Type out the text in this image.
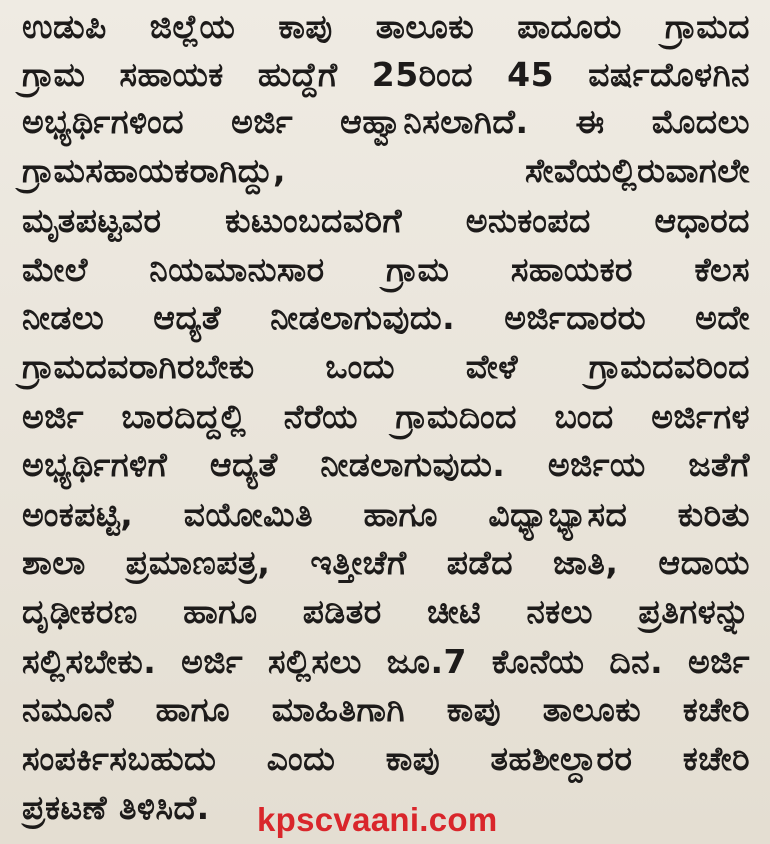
ಉಡುಪಿ ಜಿಲ್ಲೆಯ ಕಾಪು ತಾಲೂಕು ಪಾದೂರು ಗ್ರಾಮದ
ಗ್ರಾಮ ಸಹಾಯಕ ಹುದ್ದೆಗೆ 25ರಿಂದ 45 ವರ್ಷದೊಳಗಿನ
ಅಭ್ಯರ್ಥಿಗಳಿಂದ ಅರ್ಜಿ ಆಹ್ವಾನಿಸಲಾಗಿದೆ. ಈ ಮೊದಲು
ಗ್ರಾಮಸಹಾಯಕರಾಗಿದ್ದು, ಸೇವೆಯಲ್ಲಿರುವಾಗಲೇ
ಮೃತಪಟ್ಟವರ ಕುಟುಂಬದವರಿಗೆ ಅನುಕಂಪದ ಆಧಾರದ
ಮೇಲೆ ನಿಯಮಾನುಸಾರ ಗ್ರಾಮ ಸಹಾಯಕರ ಕೆಲಸ
ನೀಡಲು ಆದ್ಯತೆ ನೀಡಲಾಗುವುದು. ಅರ್ಜಿದಾರರು ಅದೇ
ಗ್ರಾಮದವರಾಗಿರಬೇಕು ಒಂದು ವೇಳೆ ಗ್ರಾಮದವರಿಂದ
ಅರ್ಜಿ ಬಾರದಿದ್ದಲ್ಲಿ ನೆರೆಯ ಗ್ರಾಮದಿಂದ ಬಂದ ಅರ್ಜಿಗಳ
ಅಭ್ಯರ್ಥಿಗಳಿಗೆ ಆದ್ಯತೆ ನೀಡಲಾಗುವುದು. ಅರ್ಜಿಯ ಜತೆಗೆ
ಅಂಕಪಟ್ಟಿ, ವಯೋಮಿತಿ ಹಾಗೂ ವಿಧ್ಯಾಭ್ಯಾಸದ ಕುರಿತು
ಶಾಲಾ ಪ್ರಮಾಣಪತ್ರ, ಇತ್ತೀಚೆಗೆ ಪಡೆದ ಜಾತಿ, ಆದಾಯ
ದೃಢೀಕರಣ ಹಾಗೂ ಪಡಿತರ ಚೀಟಿ ನಕಲು ಪ್ರತಿಗಳನ್ನು
ಸಲ್ಲಿಸಬೇಕು. ಅರ್ಜಿ ಸಲ್ಲಿಸಲು ಜೂ.7 ಕೊನೆಯ ದಿನ. ಅರ್ಜಿ
ನಮೂನೆ ಹಾಗೂ ಮಾಹಿತಿಗಾಗಿ ಕಾಪು ತಾಲೂಕು ಕಚೇರಿ
ಸಂಪರ್ಕಿಸಬಹುದು ಎಂದು ಕಾಪು ತಹಶೀಲ್ದಾರರ ಕಚೇರಿ
ಪ್ರಕಟಣೆ ತಿಳಿಸಿದೆ. kpscvaani.com
